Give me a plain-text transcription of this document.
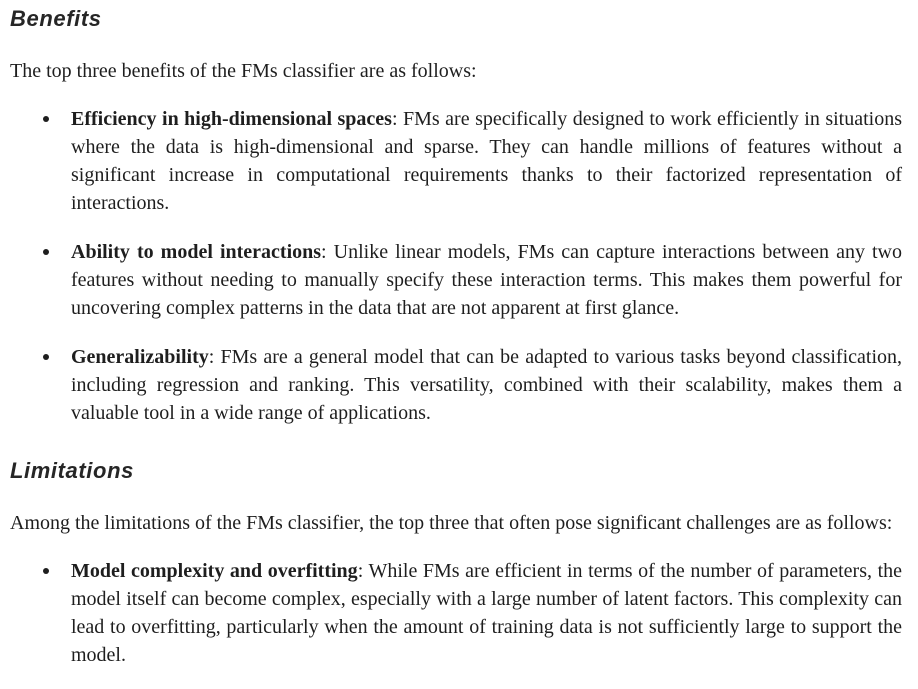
Benefits

The top three benefits of the FMs classifier are as follows:

Efficiency in high-dimensional spaces: FMs are specifically designed to work efficiently in situations where the data is high-dimensional and sparse. They can handle millions of features without a significant increase in computational requirements thanks to their factorized representation of interactions.
Ability to model interactions: Unlike linear models, FMs can capture interactions between any two features without needing to manually specify these interaction terms. This makes them powerful for uncovering complex patterns in the data that are not apparent at first glance.
Generalizability: FMs are a general model that can be adapted to various tasks beyond classification, including regression and ranking. This versatility, combined with their scalability, makes them a valuable tool in a wide range of applications.
Limitations

Among the limitations of the FMs classifier, the top three that often pose significant challenges are as follows:

Model complexity and overfitting: While FMs are efficient in terms of the number of parameters, the model itself can become complex, especially with a large number of latent factors. This complexity can lead to overfitting, particularly when the amount of training data is not sufficiently large to support the model.
